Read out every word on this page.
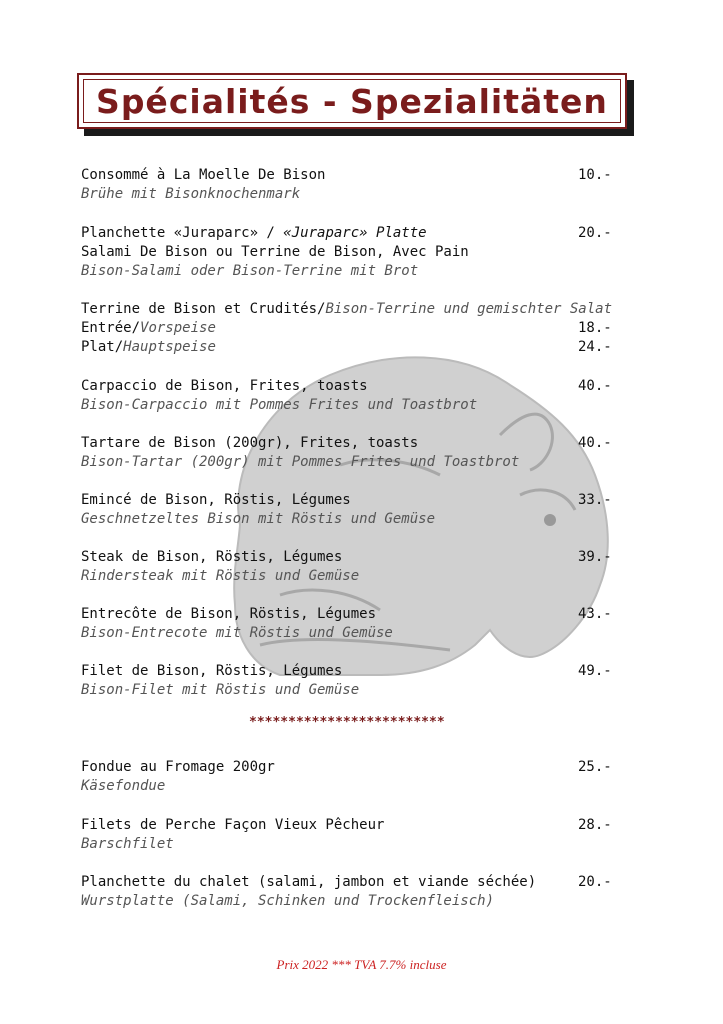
Spécialités - Spezialitäten
Consommé à La Moelle De Bison	10.-
Brühe mit Bisonknochenmark
Planchette «Juraparc» / «Juraparc» Platte	20.-
Salami De Bison ou Terrine de Bison, Avec Pain
Bison-Salami oder Bison-Terrine mit Brot
Terrine de Bison et Crudités/Bison-Terrine und gemischter Salat
Entrée/Vorspeise	18.-
Plat/Hauptspeise	24.-
Carpaccio de Bison, Frites, toasts	40.-
Bison-Carpaccio mit Pommes Frites und Toastbrot
Tartare de Bison (200gr), Frites, toasts	40.-
Bison-Tartar (200gr) mit Pommes Frites und Toastbrot
Emincé de Bison, Röstis, Légumes	33.-
Geschnetzeltes Bison mit Röstis und Gemüse
Steak de Bison, Röstis, Légumes	39.-
Rindersteak mit Röstis und Gemüse
Entrecôte de Bison, Röstis, Légumes	43.-
Bison-Entrecote mit Röstis und Gemüse
Filet de Bison, Röstis, Légumes	49.-
Bison-Filet mit Röstis und Gemüse
*************************
Fondue au Fromage 200gr	25.-
Käsefondue
Filets de Perche Façon Vieux Pêcheur	28.-
Barschfilet
Planchette du chalet (salami, jambon et viande séchée)	20.-
Wurstplatte (Salami, Schinken und Trockenfleisch)
Prix 2022 *** TVA 7.7% incluse
